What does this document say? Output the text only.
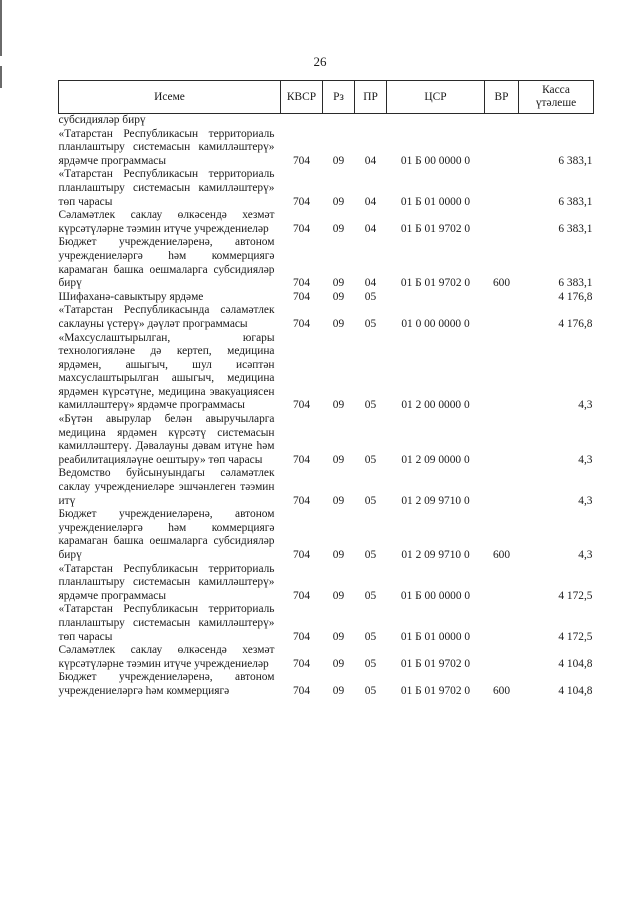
26
Исеме	КВСР	Рз	ПР	ЦСР	ВР	Касса үтәлеше
субсидияләр бирү						
«Татарстан Республикасын территориаль планлаштыру системасын камилләштерү» ярдәмче программасы	704	09	04	01 Б 00 0000 0		6 383,1
«Татарстан Республикасын территориаль планлаштыру системасын камилләштерү» төп чарасы	704	09	04	01 Б 01 0000 0		6 383,1
Сәламәтлек саклау өлкәсендә хезмәт күрсәтүләрне тәэмин итүче учреждениеләр	704	09	04	01 Б 01 9702 0		6 383,1
Бюджет учреждениеләренә, автоном учреждениеләргә һәм коммерциягә карамаган башка оешмаларга субсидияләр бирү	704	09	04	01 Б 01 9702 0	600	6 383,1
Шифаханә-савыктыру ярдәме	704	09	05			4 176,8
«Татарстан Республикасында сәламәтлек саклауны үстерү» дәүләт программасы	704	09	05	01 0 00 0000 0		4 176,8
«Махсуслаштырылган, югары технологияләне дә кертеп, медицина ярдәмен, ашыгыч, шул исәптән махсуслаштырылган ашыгыч, медицина ярдәмен күрсәтүне, медицина эвакуациясен камилләштерү» ярдәмче программасы	704	09	05	01 2 00 0000 0		4,3
«Бүтән авырулар белән авыручыларга медицина ярдәмен күрсәтү системасын камилләштерү. Дәвалауны дәвам итүне һәм реабилитацияләүне оештыру» төп чарасы	704	09	05	01 2 09 0000 0		4,3
Ведомство буйсынуындагы сәламәтлек саклау учреждениеләре эшчәнлеген тәэмин итү	704	09	05	01 2 09 9710 0		4,3
Бюджет учреждениеләренә, автоном учреждениеләргә һәм коммерциягә карамаган башка оешмаларга субсидияләр бирү	704	09	05	01 2 09 9710 0	600	4,3
«Татарстан Республикасын территориаль планлаштыру системасын камилләштерү» ярдәмче программасы	704	09	05	01 Б 00 0000 0		4 172,5
«Татарстан Республикасын территориаль планлаштыру системасын камилләштерү» төп чарасы	704	09	05	01 Б 01 0000 0		4 172,5
Сәламәтлек саклау өлкәсендә хезмәт күрсәтүләрне тәэмин итүче учреждениеләр	704	09	05	01 Б 01 9702 0		4 104,8
Бюджет учреждениеләренә, автоном учреждениеләргә һәм коммерциягә	704	09	05	01 Б 01 9702 0	600	4 104,8
